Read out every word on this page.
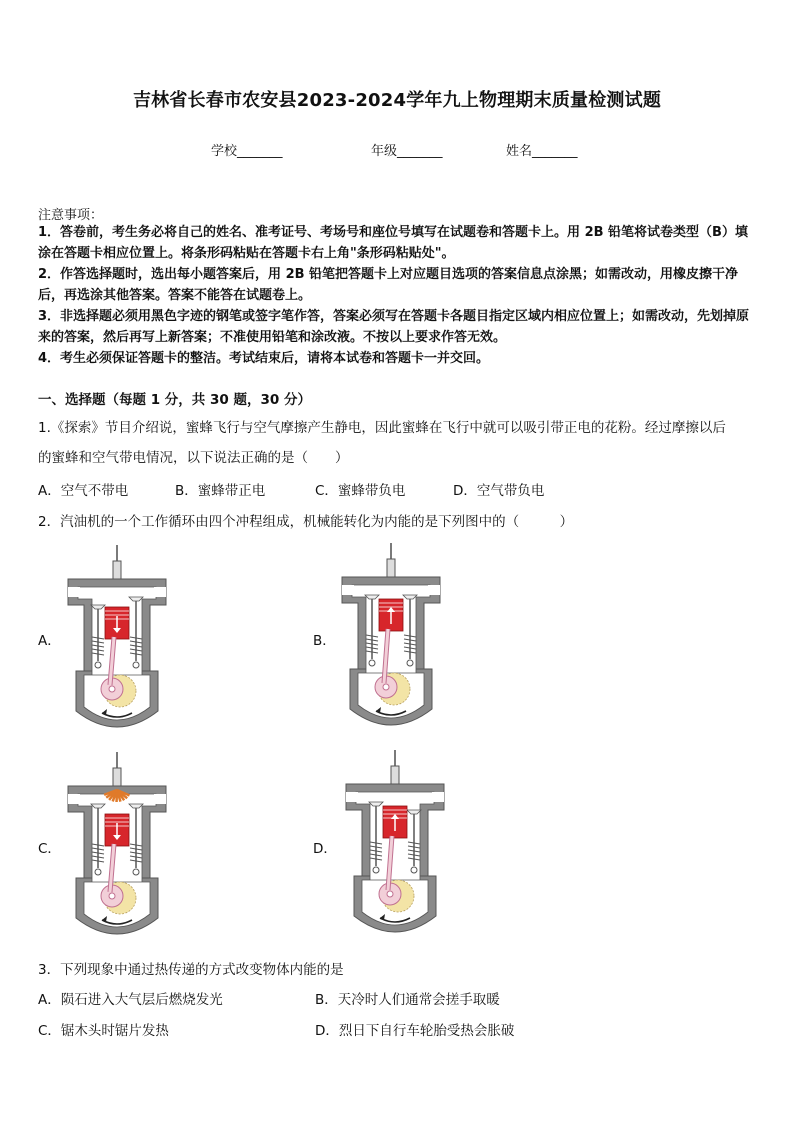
吉林省长春市农安县2023-2024学年九上物理期末质量检测试题
学校_______	年级_______	姓名_______
注意事项：
1．答卷前，考生务必将自己的姓名、准考证号、考场号和座位号填写在试题卷和答题卡上。用 2B 铅笔将试卷类型（B）填涂在答题卡相应位置上。将条形码粘贴在答题卡右上角"条形码粘贴处"。
2．作答选择题时，选出每小题答案后，用 2B 铅笔把答题卡上对应题目选项的答案信息点涂黑；如需改动，用橡皮擦干净后，再选涂其他答案。答案不能答在试题卷上。
3．非选择题必须用黑色字迹的钢笔或签字笔作答，答案必须写在答题卡各题目指定区域内相应位置上；如需改动，先划掉原来的答案，然后再写上新答案；不准使用铅笔和涂改液。不按以上要求作答无效。
4．考生必须保证答题卡的整洁。考试结束后，请将本试卷和答题卡一并交回。
一、选择题（每题 1 分，共 30 题，30 分）
1.《探索》节目介绍说，蜜蜂飞行与空气摩擦产生静电，因此蜜蜂在飞行中就可以吸引带正电的花粉。经过摩擦以后
的蜜蜂和空气带电情况，以下说法正确的是（　　）
A．空气不带电	B．蜜蜂带正电	C．蜜蜂带负电	D．空气带负电
2．汽油机的一个工作循环由四个冲程组成，机械能转化为内能的是下列图中的（　　　）
A．	B．
C．	D．
3．下列现象中通过热传递的方式改变物体内能的是
A．陨石进入大气层后燃烧发光	B．天冷时人们通常会搓手取暖
C．锯木头时锯片发热	D．烈日下自行车轮胎受热会胀破
